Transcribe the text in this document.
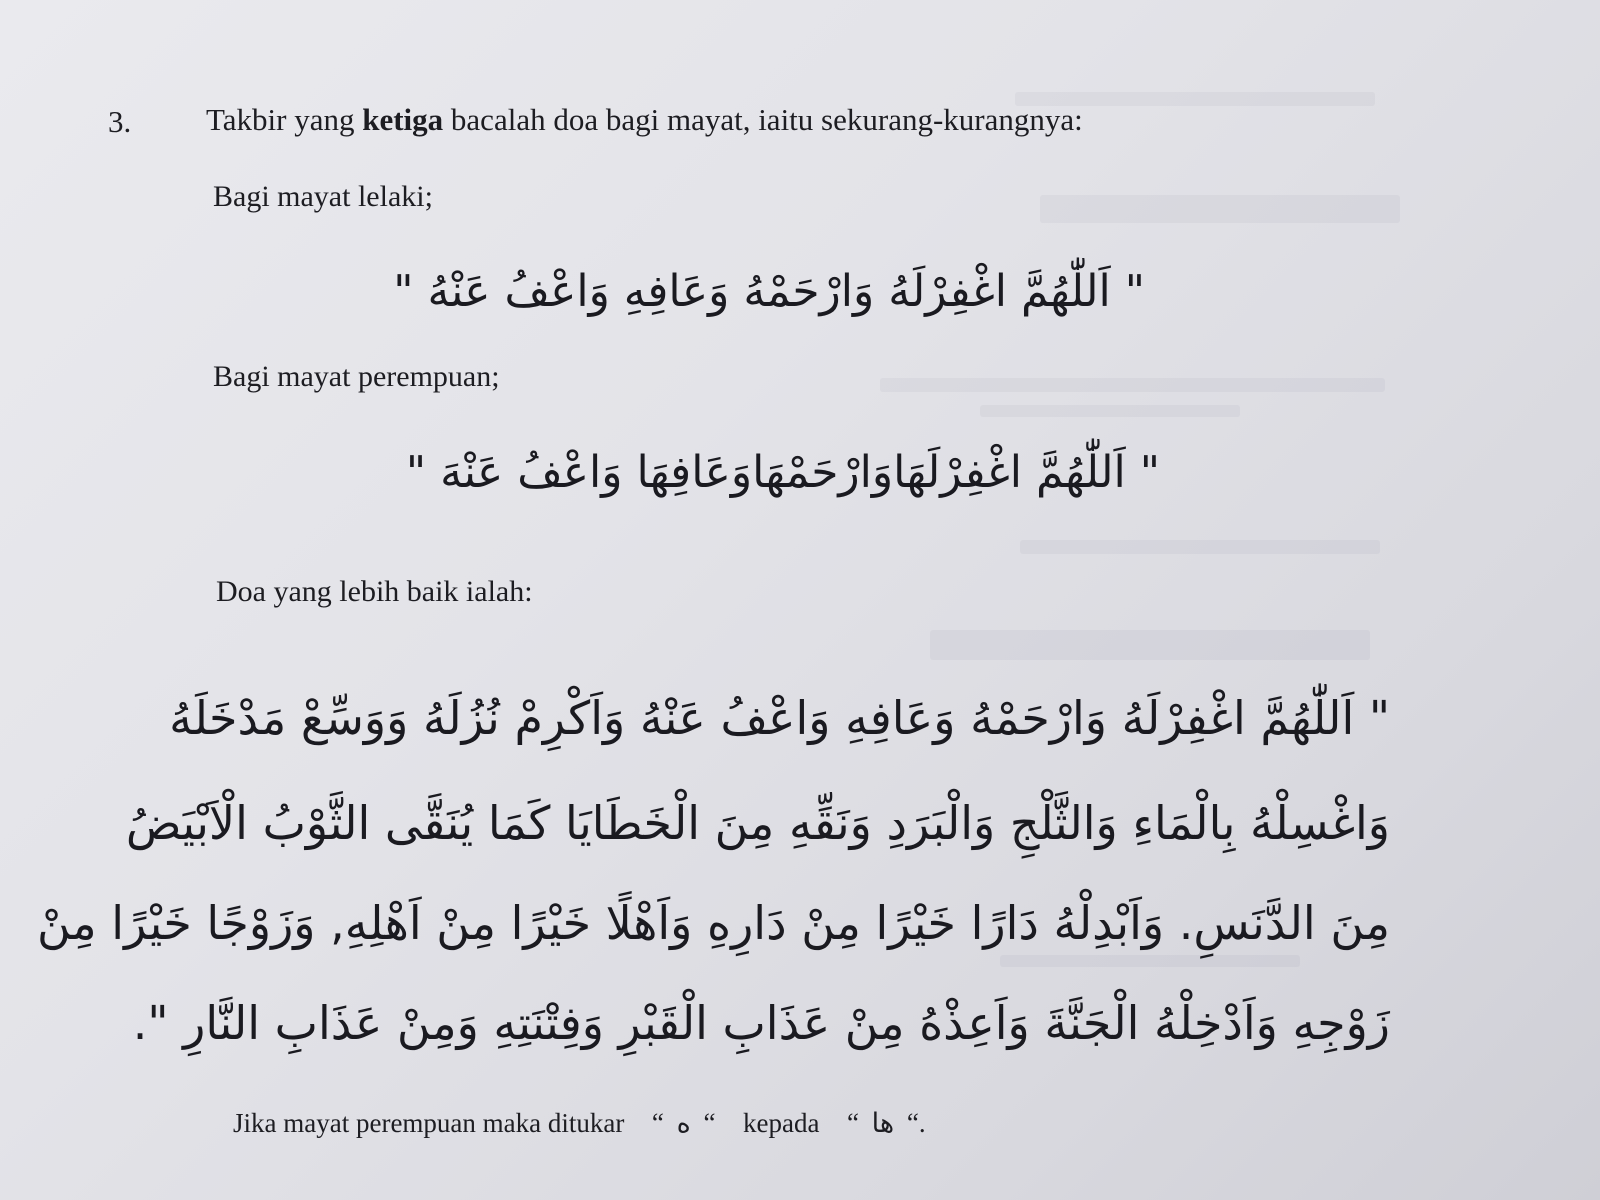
3. Takbir yang ketiga bacalah doa bagi mayat, iaitu sekurang-kurangnya:
Bagi mayat lelaki;
" اَللّٰهُمَّ اغْفِرْلَهُ وَارْحَمْهُ وَعَافِهِ وَاعْفُ عَنْهُ "
Bagi mayat perempuan;
" اَللّٰهُمَّ اغْفِرْلَهَاوَارْحَمْهَاوَعَافِهَا وَاعْفُ عَنْهَ "
Doa yang lebih baik ialah:
" اَللّٰهُمَّ اغْفِرْلَهُ وَارْحَمْهُ وَعَافِهِ وَاعْفُ عَنْهُ وَاَكْرِمْ نُزُلَهُ وَوَسِّعْ مَدْخَلَهُ
وَاغْسِلْهُ بِالْمَاءِ وَالثَّلْجِ وَالْبَرَدِ وَنَقِّهِ مِنَ الْخَطَايَا كَمَا يُنَقَّى الثَّوْبُ الْاَبْيَضُ
مِنَ الدَّنَسِ. وَاَبْدِلْهُ دَارًا خَيْرًا مِنْ دَارِهِ وَاَهْلًا خَيْرًا مِنْ اَهْلِهِ, وَزَوْجًا خَيْرًا مِنْ
زَوْجِهِ وَاَدْخِلْهُ الْجَنَّةَ وَاَعِذْهُ مِنْ عَذَابِ الْقَبْرِ وَفِتْنَتِهِ وَمِنْ عَذَابِ النَّارِ ".
Jika mayat perempuan maka ditukar “ ه “ kepada “ ها “.
